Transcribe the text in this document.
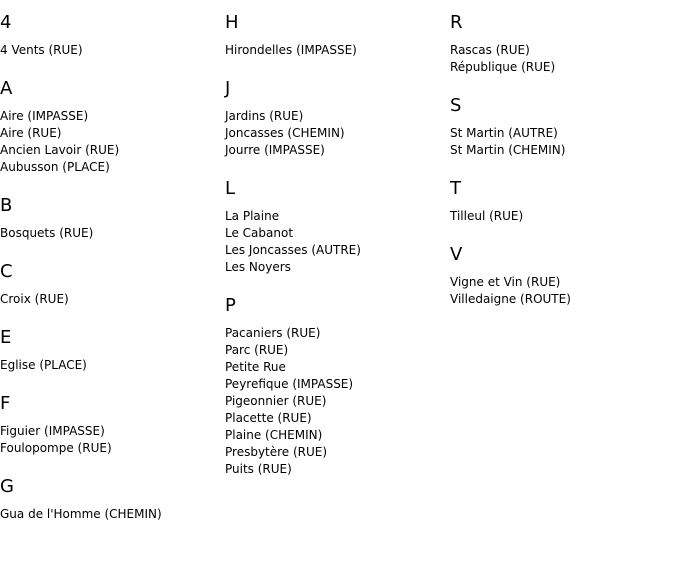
4
4 Vents (RUE)
A
Aire (IMPASSE)
Aire (RUE)
Ancien Lavoir (RUE)
Aubusson (PLACE)
B
Bosquets (RUE)
C
Croix (RUE)
E
Eglise (PLACE)
F
Figuier (IMPASSE)
Foulopompe (RUE)
G
Gua de l'Homme (CHEMIN)
H
Hirondelles (IMPASSE)
J
Jardins (RUE)
Joncasses (CHEMIN)
Jourre (IMPASSE)
L
La Plaine
Le Cabanot
Les Joncasses (AUTRE)
Les Noyers
P
Pacaniers (RUE)
Parc (RUE)
Petite Rue
Peyrefique (IMPASSE)
Pigeonnier (RUE)
Placette (RUE)
Plaine (CHEMIN)
Presbytère (RUE)
Puits (RUE)
R
Rascas (RUE)
République (RUE)
S
St Martin (AUTRE)
St Martin (CHEMIN)
T
Tilleul (RUE)
V
Vigne et Vin (RUE)
Villedaigne (ROUTE)
